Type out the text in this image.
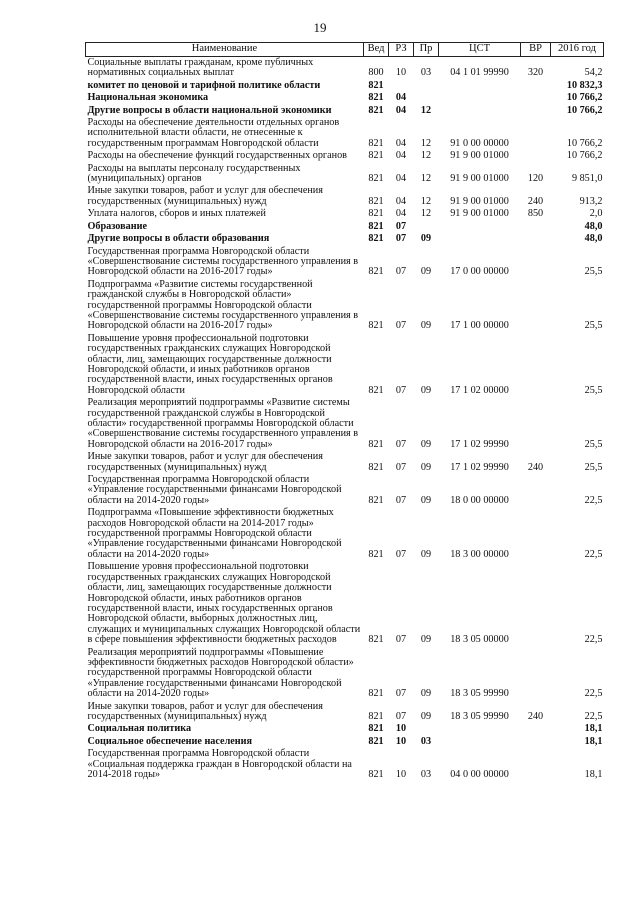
19
Наименование	Вед	РЗ	Пр	ЦСТ	ВР	2016 год
Социальные выплаты гражданам, кроме публичных нормативных социальных выплат	800	10	03	04 1 01 99990	320	54,2
комитет по ценовой и тарифной политике области	821					10 832,3
Национальная экономика	821	04				10 766,2
Другие вопросы в области национальной экономики	821	04	12			10 766,2
Расходы на обеспечение деятельности отдельных органов исполнительной власти области, не отнесенные к государственным программам Новгородской области	821	04	12	91 0 00 00000		10 766,2
Расходы на обеспечение функций государственных органов	821	04	12	91 9 00 01000		10 766,2
Расходы на выплаты персоналу государственных (муниципальных) органов	821	04	12	91 9 00 01000	120	9 851,0
Иные закупки товаров, работ и услуг для обеспечения государственных (муниципальных) нужд	821	04	12	91 9 00 01000	240	913,2
Уплата налогов, сборов и иных платежей	821	04	12	91 9 00 01000	850	2,0
Образование	821	07				48,0
Другие вопросы в области образования	821	07	09			48,0
Государственная программа Новгородской области «Совершенствование системы государственного управления в Новгородской области на 2016-2017 годы»	821	07	09	17 0 00 00000		25,5
Подпрограмма «Развитие системы государственной гражданской службы в Новгородской области» государственной программы Новгородской области «Совершенствование системы государственного управления в Новгородской области на 2016-2017 годы»	821	07	09	17 1 00 00000		25,5
Повышение уровня профессиональной подготовки государственных гражданских служащих Новгородской области, лиц, замещающих государственные должности Новгородской области, и иных работников органов государственной власти, иных государственных органов Новгородской области	821	07	09	17 1 02 00000		25,5
Реализация мероприятий подпрограммы «Развитие системы государственной гражданской службы в Новгородской области» государственной программы Новгородской области «Совершенствование системы государственного управления в Новгородской области на 2016-2017 годы»	821	07	09	17 1 02 99990		25,5
Иные закупки товаров, работ и услуг для обеспечения государственных (муниципальных) нужд	821	07	09	17 1 02 99990	240	25,5
Государственная программа Новгородской области «Управление государственными финансами Новгородской области на 2014-2020 годы»	821	07	09	18 0 00 00000		22,5
Подпрограмма «Повышение эффективности бюджетных расходов Новгородской области на 2014-2017 годы» государственной программы Новгородской области «Управление государственными финансами Новгородской области на 2014-2020 годы»	821	07	09	18 3 00 00000		22,5
Повышение уровня профессиональной подготовки государственных гражданских служащих Новгородской области, лиц, замещающих государственные должности Новгородской области, иных работников органов государственной власти, иных государственных органов Новгородской области, выборных должностных лиц, служащих и муниципальных служащих Новгородской области в сфере повышения эффективности бюджетных расходов	821	07	09	18 3 05 00000		22,5
Реализация мероприятий подпрограммы «Повышение эффективности бюджетных расходов Новгородской области» государственной программы Новгородской области «Управление государственными финансами Новгородской области на 2014-2020 годы»	821	07	09	18 3 05 99990		22,5
Иные закупки товаров, работ и услуг для обеспечения государственных (муниципальных) нужд	821	07	09	18 3 05 99990	240	22,5
Социальная политика	821	10				18,1
Социальное обеспечение населения	821	10	03			18,1
Государственная программа Новгородской области «Социальная поддержка граждан в Новгородской области на 2014-2018 годы»	821	10	03	04 0 00 00000		18,1
